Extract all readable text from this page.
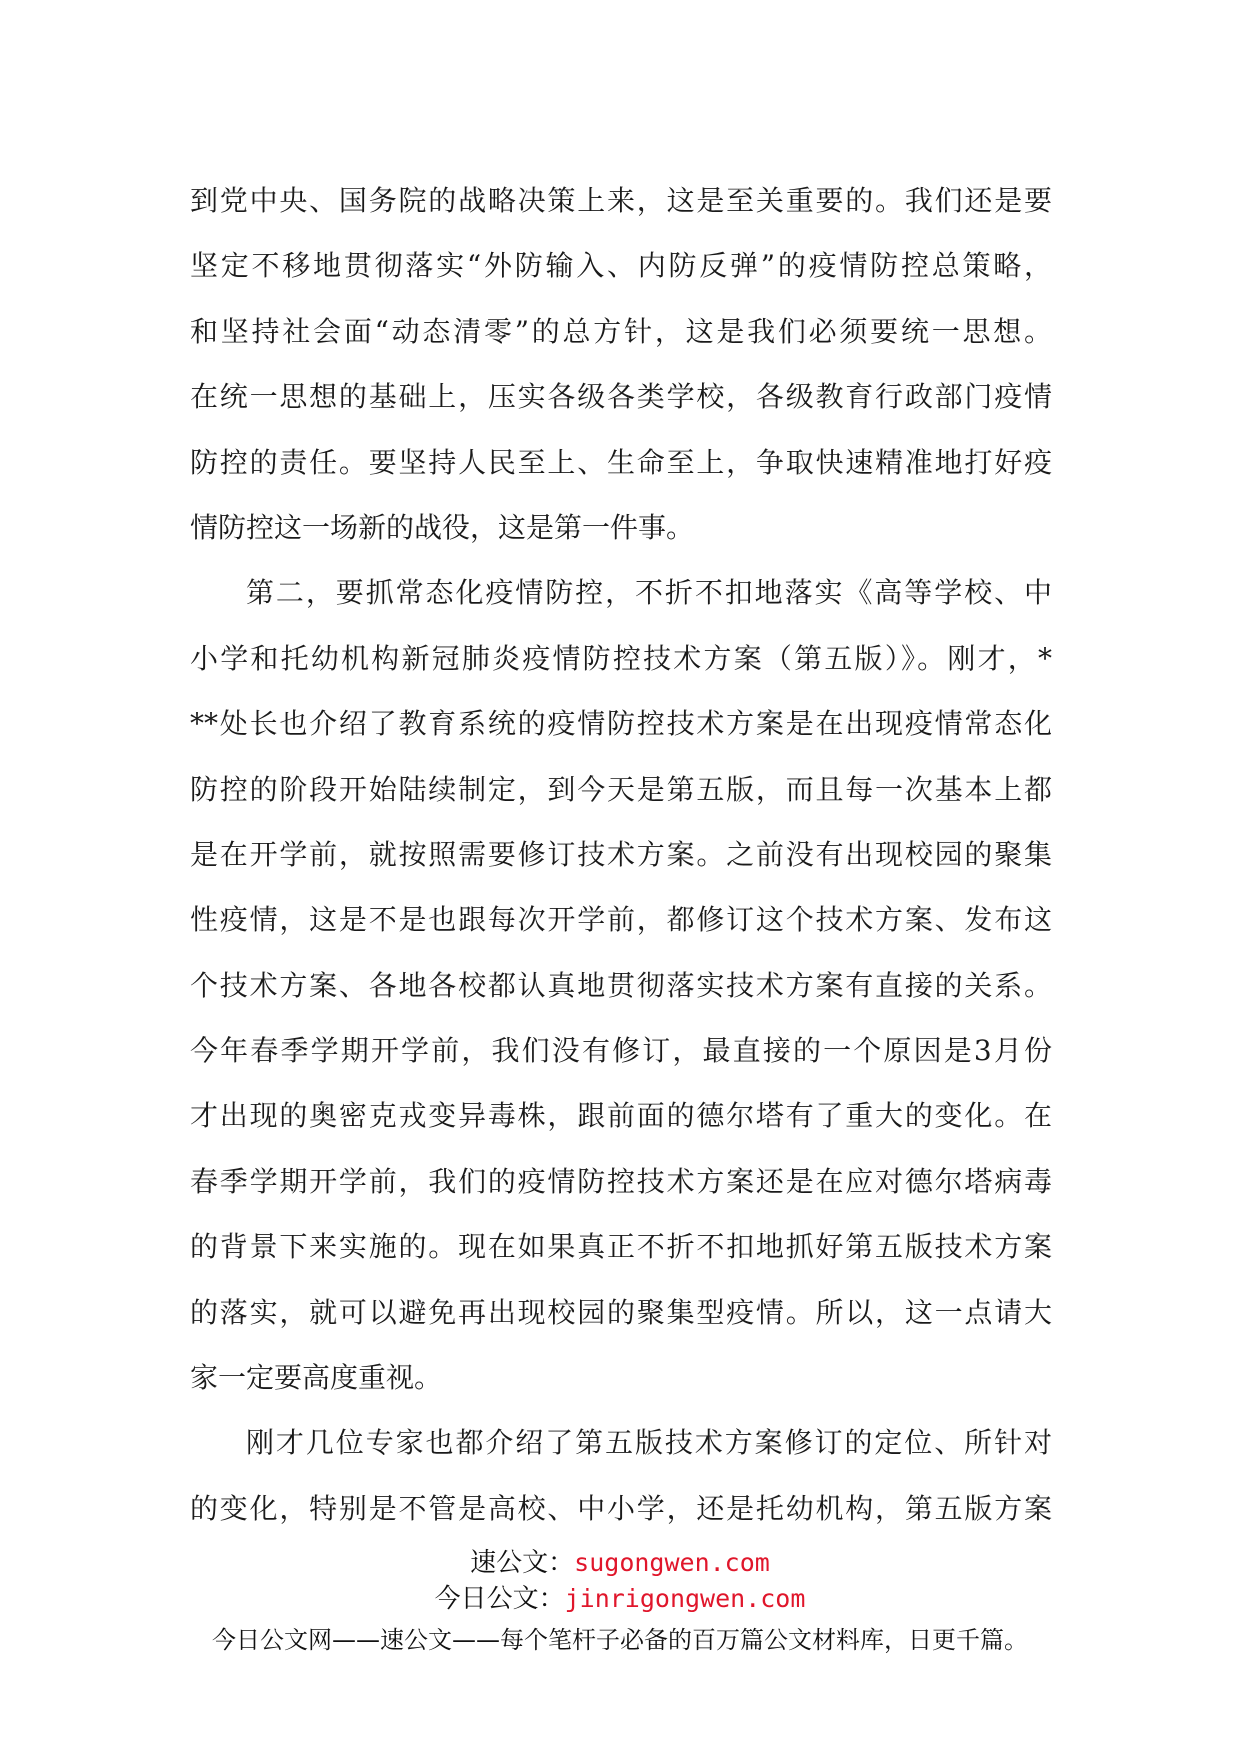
到党中央、国务院的战略决策上来，这是至关重要的。我们还是要
坚定不移地贯彻落实“外防输入、内防反弹”的疫情防控总策略，
和坚持社会面“动态清零”的总方针，这是我们必须要统一思想。
在统一思想的基础上，压实各级各类学校，各级教育行政部门疫情
防控的责任。要坚持人民至上、生命至上，争取快速精准地打好疫
情防控这一场新的战役，这是第一件事。
第二，要抓常态化疫情防控，不折不扣地落实《高等学校、中
小学和托幼机构新冠肺炎疫情防控技术方案（第五版）》。刚才，*
**处长也介绍了教育系统的疫情防控技术方案是在出现疫情常态化
防控的阶段开始陆续制定，到今天是第五版，而且每一次基本上都
是在开学前，就按照需要修订技术方案。之前没有出现校园的聚集
性疫情，这是不是也跟每次开学前，都修订这个技术方案、发布这
个技术方案、各地各校都认真地贯彻落实技术方案有直接的关系。
今年春季学期开学前，我们没有修订，最直接的一个原因是3月份
才出现的奥密克戎变异毒株，跟前面的德尔塔有了重大的变化。在
春季学期开学前，我们的疫情防控技术方案还是在应对德尔塔病毒
的背景下来实施的。现在如果真正不折不扣地抓好第五版技术方案
的落实，就可以避免再出现校园的聚集型疫情。所以，这一点请大
家一定要高度重视。
刚才几位专家也都介绍了第五版技术方案修订的定位、所针对
的变化，特别是不管是高校、中小学，还是托幼机构，第五版方案
速公文：sugongwen.com
今日公文：jinrigongwen.com
今日公文网——速公文——每个笔杆子必备的百万篇公文材料库，日更千篇。
